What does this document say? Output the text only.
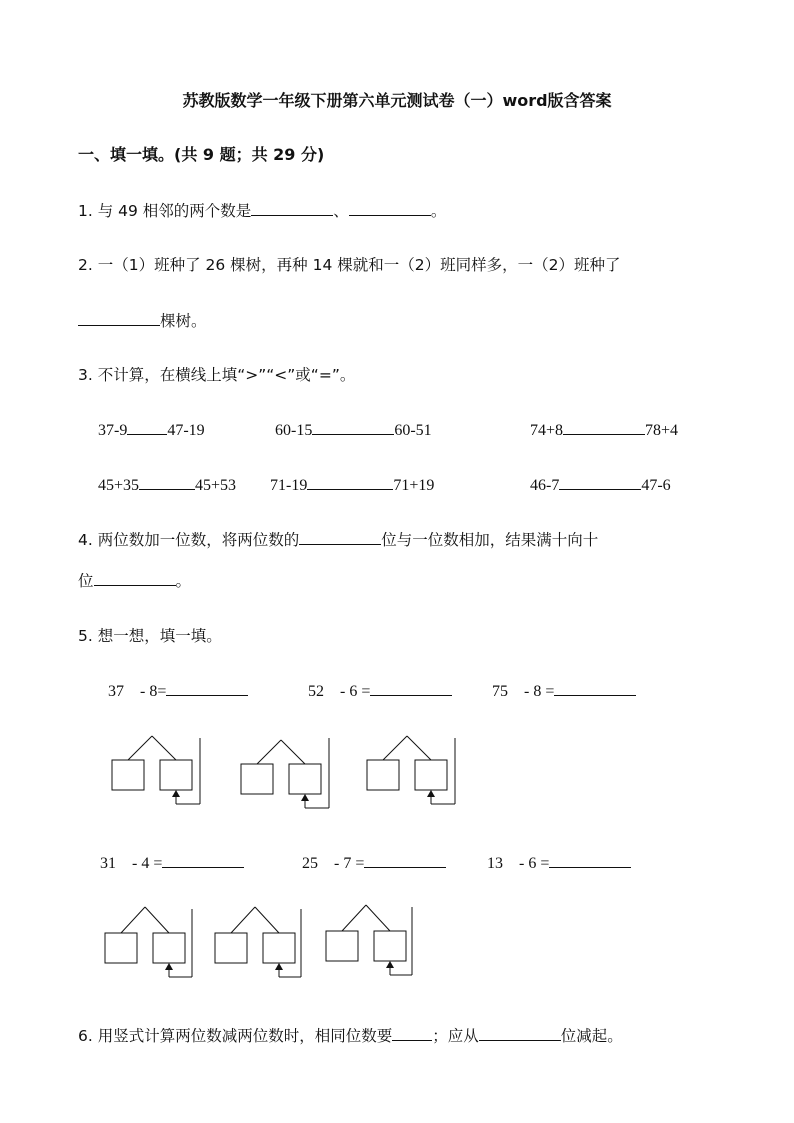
苏教版数学一年级下册第六单元测试卷（一）word版含答案
一、填一填。(共 9 题；共 29 分)
1. 与 49 相邻的两个数是	、	。
2. 一（1）班种了 26 棵树，再种 14 棵就和一（2）班同样多，一（2）班种了
棵树。
3. 不计算，在横线上填“>”“<”或“=”。
37-9	47-19	60-15	60-51	74+8	78+4
45+35	45+53 71-19	71+19	46-7	47-6
4. 两位数加一位数，将两位数的	位与一位数相加，结果满十向十
位	。
5. 想一想，填一填。
37 - 8=	52 - 6 =	75 - 8 =
31 - 4 =	25 - 7 =	13 - 6 =
6. 用竖式计算两位数减两位数时，相同位数要	；应从	位减起。
